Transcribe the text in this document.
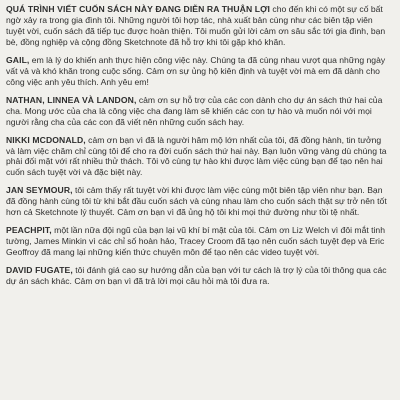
QUÁ TRÌNH VIẾT CUỐN SÁCH NÀY ĐANG DIỄN RA THUẬN LỢI cho đến khi có một sự cố bất ngờ xảy ra trong gia đình tôi. Những người tôi hợp tác, nhà xuất bản cùng như các biên tập viên tuyệt vời, cuốn sách đã tiếp tục được hoàn thiện. Tôi muốn gửi lời cảm ơn sâu sắc tới gia đình, bạn bè, đồng nghiệp và cộng đồng Sketchnote đã hỗ trợ khi tôi gặp khó khăn.

GAIL, em là lý do khiến anh thực hiện công việc này. Chúng ta đã cùng nhau vượt qua những ngày vất vả và khó khăn trong cuộc sống. Cảm ơn sự ủng hộ kiên định và tuyệt vời mà em đã dành cho công việc anh yêu thích. Anh yêu em!

NATHAN, LINNEA VÀ LANDON, cảm ơn sự hỗ trợ của các con dành cho dự án sách thứ hai của cha. Mong ước của cha là công việc cha đang làm sẽ khiến các con tự hào và muốn nói với mọi người rằng cha của các con đã viết nên những cuốn sách hay.

NIKKI MCDONALD, cảm ơn bạn vì đã là người hâm mộ lớn nhất của tôi, đã đồng hành, tin tưởng và làm việc chăm chỉ cùng tôi để cho ra đời cuốn sách thứ hai này. Bạn luôn vững vàng dù chúng ta phải đối mặt với rất nhiều thử thách. Tôi vô cùng tự hào khi được làm việc cùng bạn để tạo nên hai cuốn sách tuyệt vời và đặc biệt này.

JAN SEYMOUR, tôi cảm thấy rất tuyệt vời khi được làm việc cùng một biên tập viên như bạn. Bạn đã đồng hành cùng tôi từ khi bắt đầu cuốn sách và cùng nhau làm cho cuốn sách thật sự trở nên tốt hơn cả Sketchnote lý thuyết. Cảm ơn bạn vì đã ủng hộ tôi khi mọi thứ đường như tồi tệ nhất.

PEACHPIT, một lần nữa đội ngũ của bạn lại vũ khí bí mật của tôi. Cảm ơn Liz Welch vì đôi mắt tinh tường, James Minkin vì các chỉ số hoàn hảo, Tracey Croom đã tạo nên cuốn sách tuyệt đẹp và Eric Geoffroy đã mang lại những kiến thức chuyên môn để tạo nên các video tuyệt vời.

DAVID FUGATE, tôi đánh giá cao sự hướng dẫn của bạn với tư cách là trợ lý của tôi thông qua các dự án sách khác. Cảm ơn bạn vì đã trả lời mọi câu hỏi mà tôi đưa ra.
